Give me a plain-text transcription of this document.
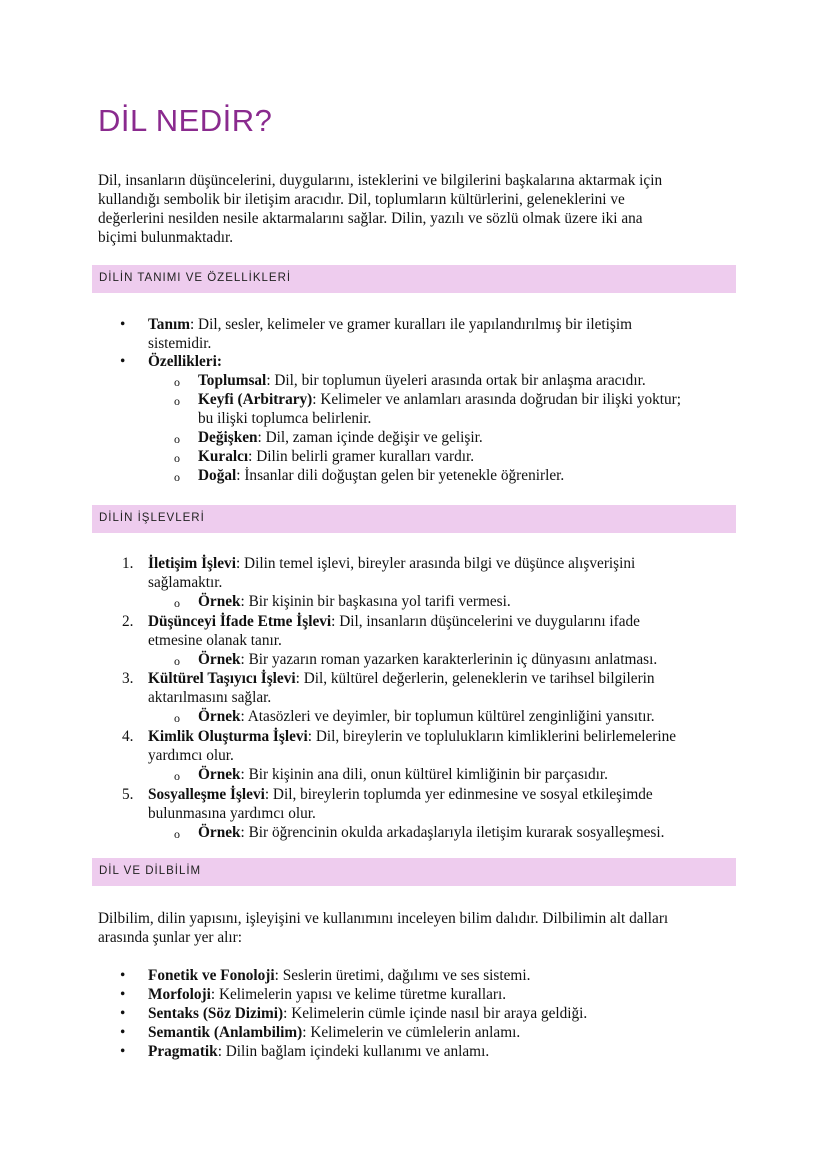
DİL NEDİR?

Dil, insanların düşüncelerini, duygularını, isteklerini ve bilgilerini başkalarına aktarmak için

kullandığı sembolik bir iletişim aracıdır. Dil, toplumların kültürlerini, geleneklerini ve

değerlerini nesilden nesile aktarmalarını sağlar. Dilin, yazılı ve sözlü olmak üzere iki ana

biçimi bulunmaktadır.

DİLİN TANIMI VE ÖZELLİKLERİ
• Tanım: Dil, sesler, kelimeler ve gramer kuralları ile yapılandırılmış bir iletişim

sistemidir.

• Özellikleri:

o Toplumsal: Dil, bir toplumun üyeleri arasında ortak bir anlaşma aracıdır.

o Keyfi (Arbitrary): Kelimeler ve anlamları arasında doğrudan bir ilişki yoktur;

bu ilişki toplumca belirlenir.

o Değişken: Dil, zaman içinde değişir ve gelişir.

o Kuralcı: Dilin belirli gramer kuralları vardır.

o Doğal: İnsanlar dili doğuştan gelen bir yetenekle öğrenirler.

DİLİN İŞLEVLERİ
1. İletişim İşlevi: Dilin temel işlevi, bireyler arasında bilgi ve düşünce alışverişini

sağlamaktır.

o Örnek: Bir kişinin bir başkasına yol tarifi vermesi.

2. Düşünceyi İfade Etme İşlevi: Dil, insanların düşüncelerini ve duygularını ifade

etmesine olanak tanır.

o Örnek: Bir yazarın roman yazarken karakterlerinin iç dünyasını anlatması.

3. Kültürel Taşıyıcı İşlevi: Dil, kültürel değerlerin, geleneklerin ve tarihsel bilgilerin

aktarılmasını sağlar.

o Örnek: Atasözleri ve deyimler, bir toplumun kültürel zenginliğini yansıtır.

4. Kimlik Oluşturma İşlevi: Dil, bireylerin ve toplulukların kimliklerini belirlemelerine

yardımcı olur.

o Örnek: Bir kişinin ana dili, onun kültürel kimliğinin bir parçasıdır.

5. Sosyalleşme İşlevi: Dil, bireylerin toplumda yer edinmesine ve sosyal etkileşimde

bulunmasına yardımcı olur.

o Örnek: Bir öğrencinin okulda arkadaşlarıyla iletişim kurarak sosyalleşmesi.

DİL VE DİLBİLİM

Dilbilim, dilin yapısını, işleyişini ve kullanımını inceleyen bilim dalıdır. Dilbilimin alt dalları

arasında şunlar yer alır:

• Fonetik ve Fonoloji: Seslerin üretimi, dağılımı ve ses sistemi.

• Morfoloji: Kelimelerin yapısı ve kelime türetme kuralları.

• Sentaks (Söz Dizimi): Kelimelerin cümle içinde nasıl bir araya geldiği.

• Semantik (Anlambilim): Kelimelerin ve cümlelerin anlamı.

• Pragmatik: Dilin bağlam içindeki kullanımı ve anlamı.
